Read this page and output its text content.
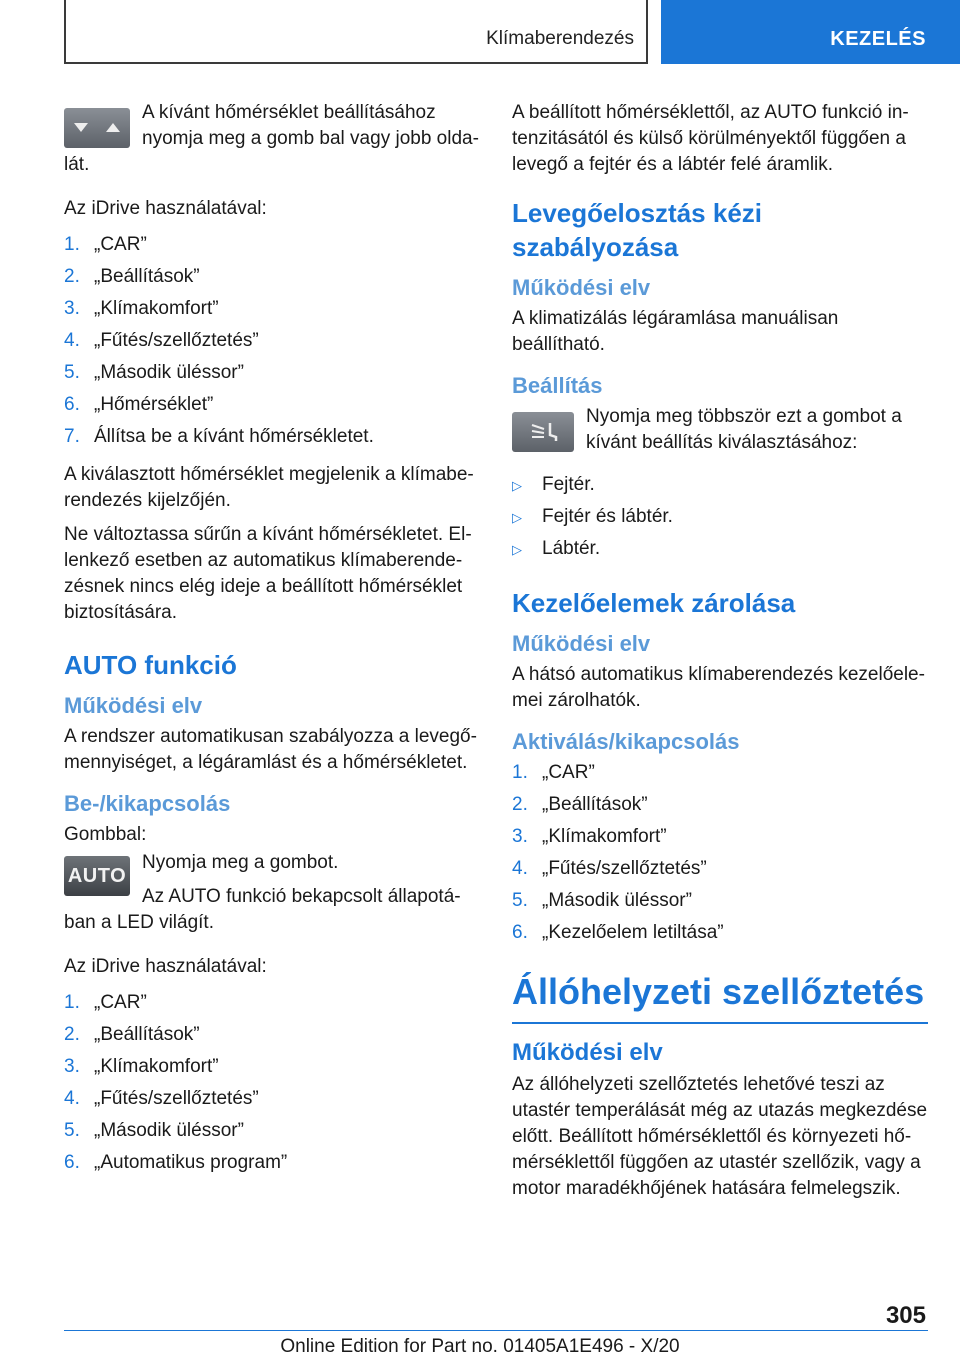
Klímaberendezés	KEZELÉS

A kívánt hőmérséklet beállításához nyomja meg a gomb bal vagy jobb oldalát.

Az iDrive használatával:

1. „CAR”
2. „Beállítások”
3. „Klímakomfort”
4. „Fűtés/szellőztetés”
5. „Második üléssor”
6. „Hőmérséklet”
7. Állítsa be a kívánt hőmérsékletet.

A kiválasztott hőmérséklet megjelenik a klímaberendezés kijelzőjén.

Ne változtassa sűrűn a kívánt hőmérsékletet. Ellenkező esetben az automatikus klímaberendezésnek nincs elég ideje a beállított hőmérséklet biztosítására.

AUTO funkció
Működési elv

A rendszer automatikusan szabályozza a levegőmennyiséget, a légáramlást és a hőmérsékletet.

Be-/kikapcsolás

Gombbal:

AUTO

Nyomja meg a gombot.

Az AUTO funkció bekapcsolt állapotában a LED világít.

Az iDrive használatával:

1. „CAR”
2. „Beállítások”
3. „Klímakomfort”
4. „Fűtés/szellőztetés”
5. „Második üléssor”
6. „Automatikus program”

A beállított hőmérséklettől, az AUTO funkció intenzitásától és külső körülményektől függően a levegő a fejtér és a lábtér felé áramlik.

Levegőelosztás kézi szabályozása
Működési elv

A klimatizálás légáramlása manuálisan beállítható.

Beállítás

Nyomja meg többször ezt a gombot a kívánt beállítás kiválasztásához:

▷	Fejtér.
▷	Fejtér és lábtér.
▷	Lábtér.
Kezelőelemek zárolása
Működési elv

A hátsó automatikus klímaberendezés kezelőelemei zárolhatók.

Aktiválás/kikapcsolás
1. „CAR”
2. „Beállítások”
3. „Klímakomfort”
4. „Fűtés/szellőztetés”
5. „Második üléssor”
6. „Kezelőelem letiltása”
Állóhelyzeti szellőztetés
Működési elv

Az állóhelyzeti szellőztetés lehetővé teszi az utastér temperálását még az utazás megkezdése előtt. Beállított hőmérséklettől és környezeti hőmérséklettől függően az utastér szellőzik, vagy a motor maradékhőjének hatására felmelegszik.

305
Online Edition for Part no. 01405A1E496 - X/20
